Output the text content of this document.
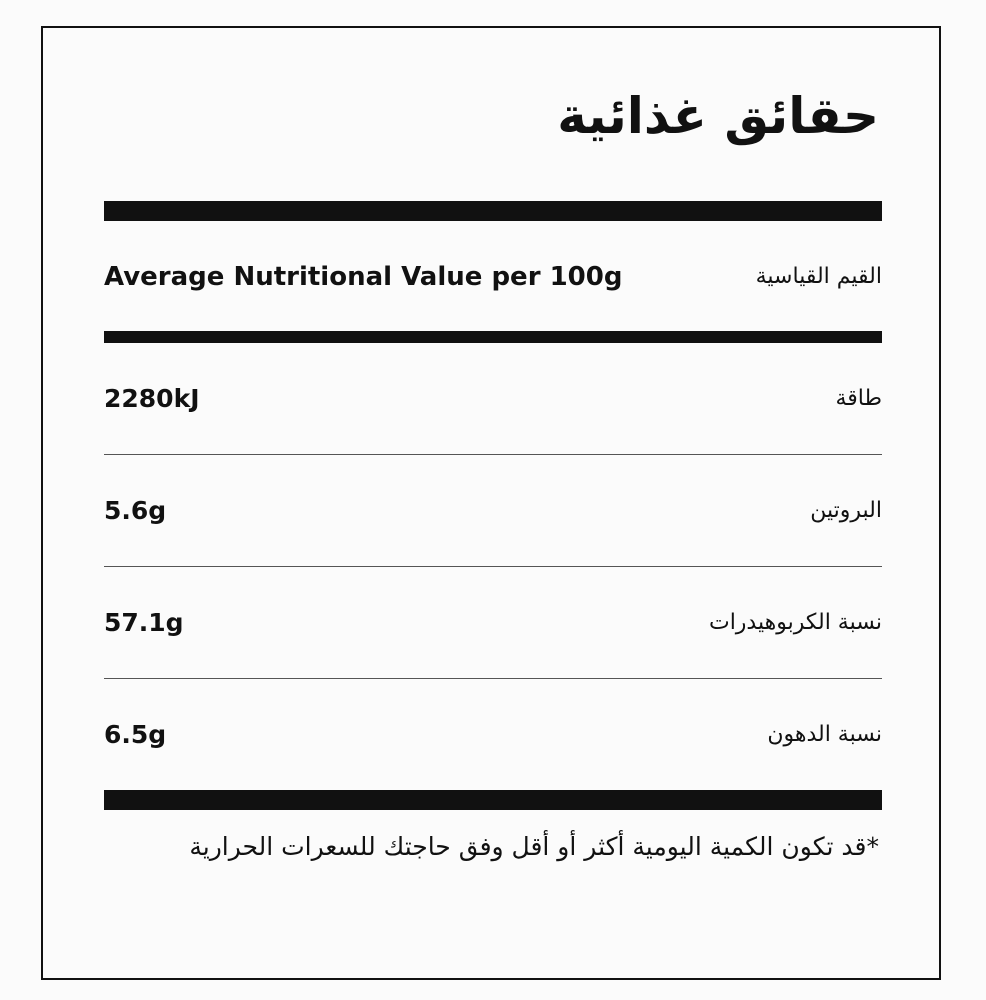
حقائق غذائية
Average Nutritional Value per 100g	القيم القياسية
2280kJ	طاقة
5.6g	البروتين
57.1g	نسبة الكربوهيدرات
6.5g	نسبة الدهون
*قد تكون الكمية اليومية أكثر أو أقل وفق حاجتك للسعرات الحرارية
